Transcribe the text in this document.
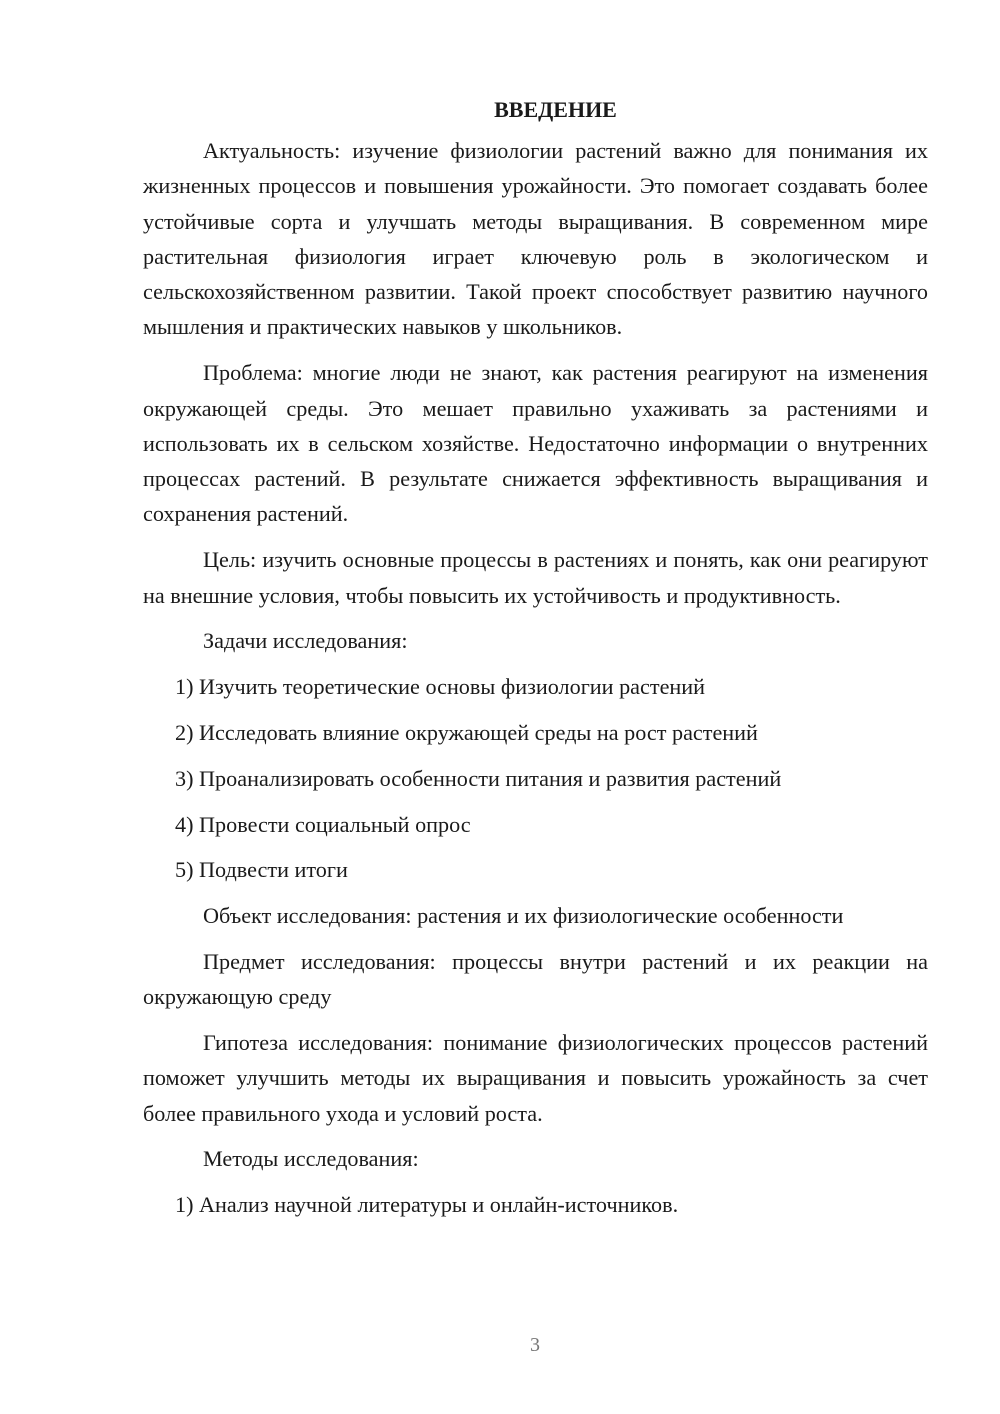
ВВЕДЕНИЕ

Актуальность: изучение физиологии растений важно для понимания их жизненных процессов и повышения урожайности. Это помогает создавать более устойчивые сорта и улучшать методы выращивания. В современном мире растительная физиология играет ключевую роль в экологическом и сельскохозяйственном развитии. Такой проект способствует развитию научного мышления и практических навыков у школьников.

Проблема: многие люди не знают, как растения реагируют на изменения окружающей среды. Это мешает правильно ухаживать за растениями и использовать их в сельском хозяйстве. Недостаточно информации о внутренних процессах растений. В результате снижается эффективность выращивания и сохранения растений.

Цель: изучить основные процессы в растениях и понять, как они реагируют на внешние условия, чтобы повысить их устойчивость и продуктивность.

Задачи исследования:
1) Изучить теоретические основы физиологии растений
2) Исследовать влияние окружающей среды на рост растений
3) Проанализировать особенности питания и развития растений
4) Провести социальный опрос
5) Подвести итоги
Объект исследования: растения и их физиологические особенности

Предмет исследования: процессы внутри растений и их реакции на окружающую среду

Гипотеза исследования: понимание физиологических процессов растений поможет улучшить методы их выращивания и повысить урожайность за счет более правильного ухода и условий роста.

Методы исследования:
1) Анализ научной литературы и онлайн-источников.
3
